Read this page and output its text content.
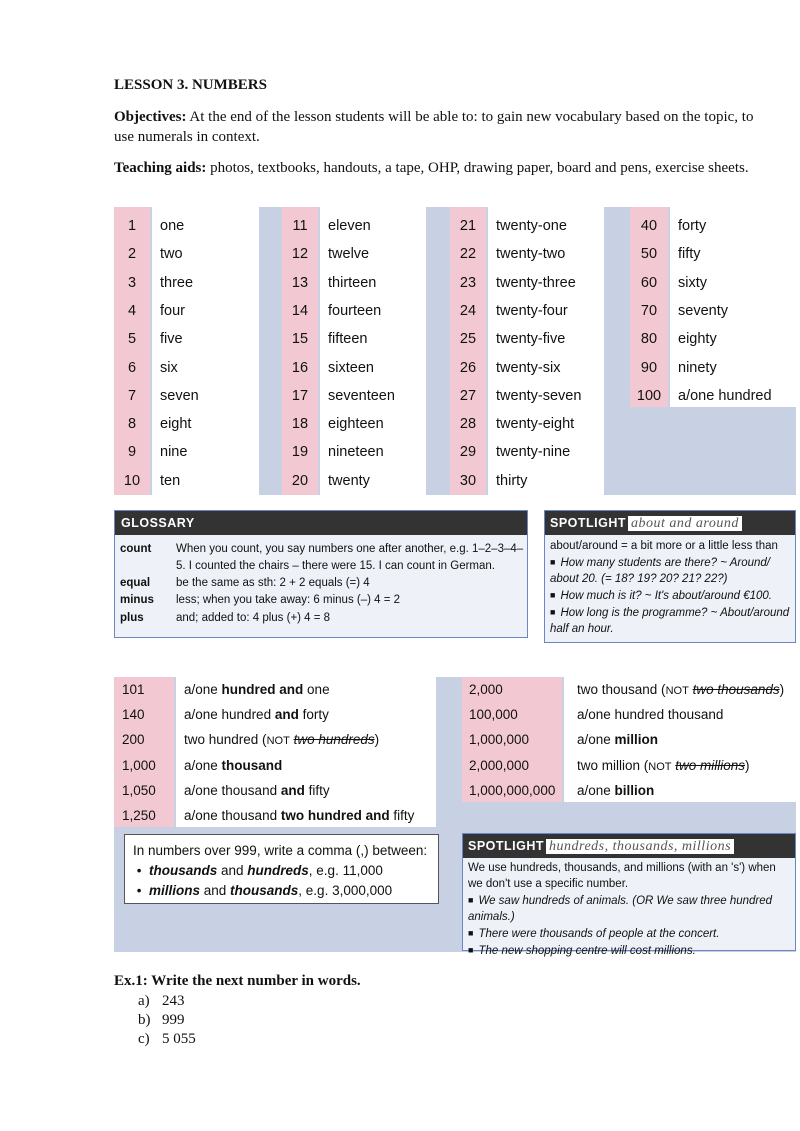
LESSON 3. NUMBERS
Objectives: At the end of the lesson students will be able to: to gain new vocabulary based on the topic, to use numerals in context.
Teaching aids: photos, textbooks, handouts, a tape, OHP, drawing paper, board and pens, exercise sheets.
1	one
2	two
3	three
4	four
5	five
6	six
7	seven
8	eight
9	nine
10	ten
11	eleven
12	twelve
13	thirteen
14	fourteen
15	fifteen
16	sixteen
17	seventeen
18	eighteen
19	nineteen
20	twenty
21	twenty-one
22	twenty-two
23	twenty-three
24	twenty-four
25	twenty-five
26	twenty-six
27	twenty-seven
28	twenty-eight
29	twenty-nine
30	thirty
40	forty
50	fifty
60	sixty
70	seventy
80	eighty
90	ninety
100	a/one hundred
GLOSSARY
count	When you count, you say numbers one after another, e.g. 1–2–3–4–5. I counted the chairs – there were 15. I can count in German.
equal	be the same as sth: 2 + 2 equals (=) 4
minus	less; when you take away: 6 minus (–) 4 = 2
plus	and; added to: 4 plus (+) 4 = 8
SPOTLIGHT about and around
about/around = a bit more or a little less than
■ How many students are there? ~ Around/ about 20. (= 18? 19? 20? 21? 22?)
■ How much is it? ~ It's about/around €100.
■ How long is the programme? ~ About/around half an hour.
101	a/one hundred and one
140	a/one hundred and forty
200	two hundred (NOT two hundreds)
1,000 a/one thousand
1,050 a/one thousand and fifty
1,250 a/one thousand two hundred and fifty
2,000	two thousand (NOT two thousands)
100,000	a/one hundred thousand
1,000,000	a/one million
2,000,000	two million (NOT two millions)
1,000,000,000 a/one billion
In numbers over 999, write a comma (,) between:
•  thousands and hundreds, e.g. 11,000
•  millions and thousands, e.g. 3,000,000
SPOTLIGHT hundreds, thousands, millions
We use hundreds, thousands, and millions (with an 's') when we don't use a specific number.
■ We saw hundreds of animals. (OR We saw three hundred animals.)
■ There were thousands of people at the concert.
■ The new shopping centre will cost millions.
Ex.1: Write the next number in words.
a) 243
b) 999
c) 5 055
